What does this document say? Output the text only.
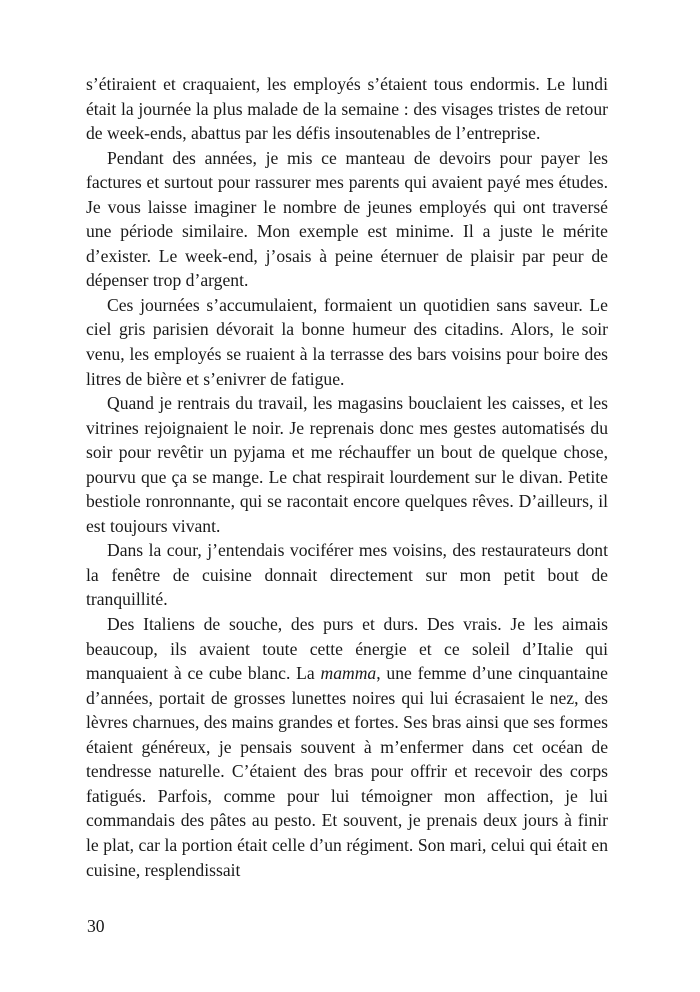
s’étiraient et craquaient, les employés s’étaient tous endormis. Le lundi était la journée la plus malade de la semaine : des visages tristes de retour de week-ends, abattus par les défis insoutenables de l’entreprise.

Pendant des années, je mis ce manteau de devoirs pour payer les factures et surtout pour rassurer mes parents qui avaient payé mes études. Je vous laisse imaginer le nombre de jeunes employés qui ont traversé une période similaire. Mon exemple est minime. Il a juste le mérite d’exister. Le week-end, j’osais à peine éternuer de plaisir par peur de dépenser trop d’argent.

Ces journées s’accumulaient, formaient un quotidien sans saveur. Le ciel gris parisien dévorait la bonne humeur des citadins. Alors, le soir venu, les employés se ruaient à la terrasse des bars voisins pour boire des litres de bière et s’enivrer de fatigue.

Quand je rentrais du travail, les magasins bouclaient les caisses, et les vitrines rejoignaient le noir. Je reprenais donc mes gestes automatisés du soir pour revêtir un pyjama et me réchauffer un bout de quelque chose, pourvu que ça se mange. Le chat respirait lourdement sur le divan. Petite bestiole ronronnante, qui se racontait encore quelques rêves. D’ailleurs, il est toujours vivant.

Dans la cour, j’entendais vociférer mes voisins, des restaurateurs dont la fenêtre de cuisine donnait directement sur mon petit bout de tranquillité.

Des Italiens de souche, des purs et durs. Des vrais. Je les aimais beaucoup, ils avaient toute cette énergie et ce soleil d’Italie qui manquaient à ce cube blanc. La mamma, une femme d’une cinquantaine d’années, portait de grosses lunettes noires qui lui écrasaient le nez, des lèvres charnues, des mains grandes et fortes. Ses bras ainsi que ses formes étaient généreux, je pensais souvent à m’enfermer dans cet océan de tendresse naturelle. C’étaient des bras pour offrir et recevoir des corps fatigués. Parfois, comme pour lui témoigner mon affection, je lui commandais des pâtes au pesto. Et souvent, je prenais deux jours à finir le plat, car la portion était celle d’un régiment. Son mari, celui qui était en cuisine, resplendissait

30
